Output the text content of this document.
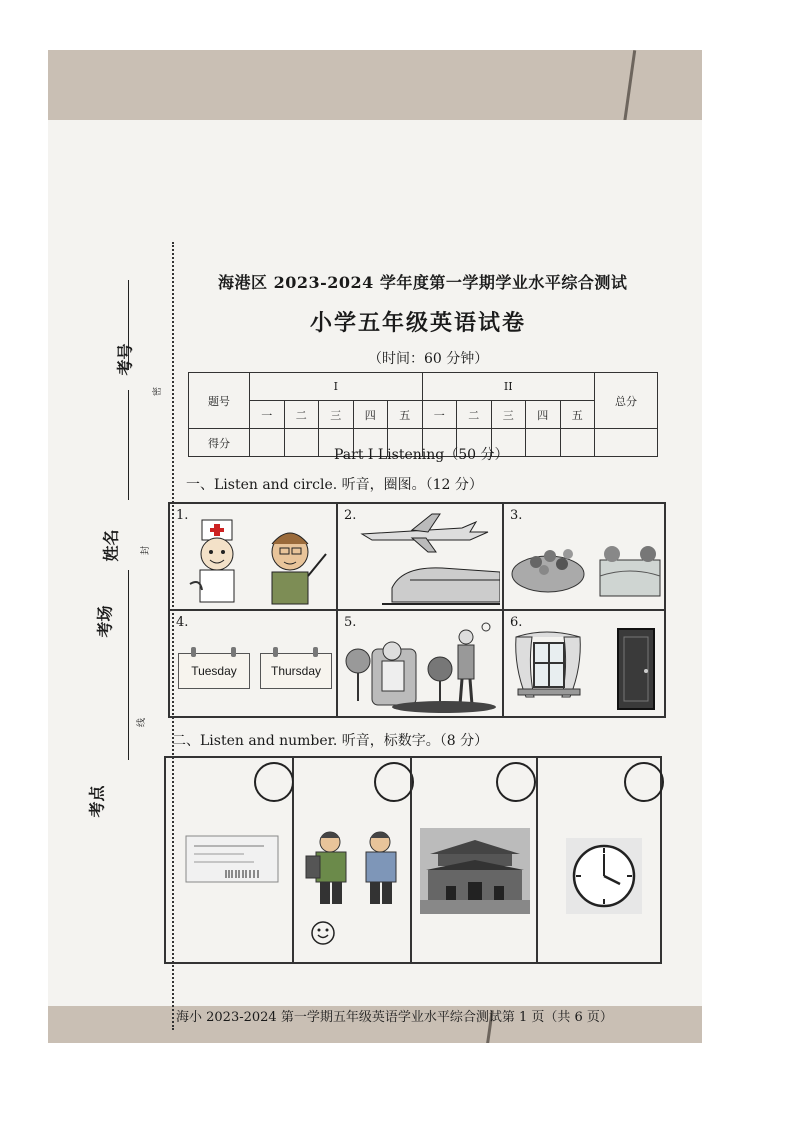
考号
姓名
考场
考点
密
封
线
海港区 2023-2024 学年度第一学期学业水平综合测试
小学五年级英语试卷
（时间：60 分钟）
题号	I					II					总分
	一	二	三	四	五	一	二	三	四	五	
得分											
Part I Listening（50 分）
一、Listen and circle. 听音，圈图。（12 分）
1.	2.	3.
4.
Tuesday	Thursday
5.	6.
二、Listen and number. 听音，标数字。（8 分）
海小 2023-2024 第一学期五年级英语学业水平综合测试第 1 页（共 6 页）
